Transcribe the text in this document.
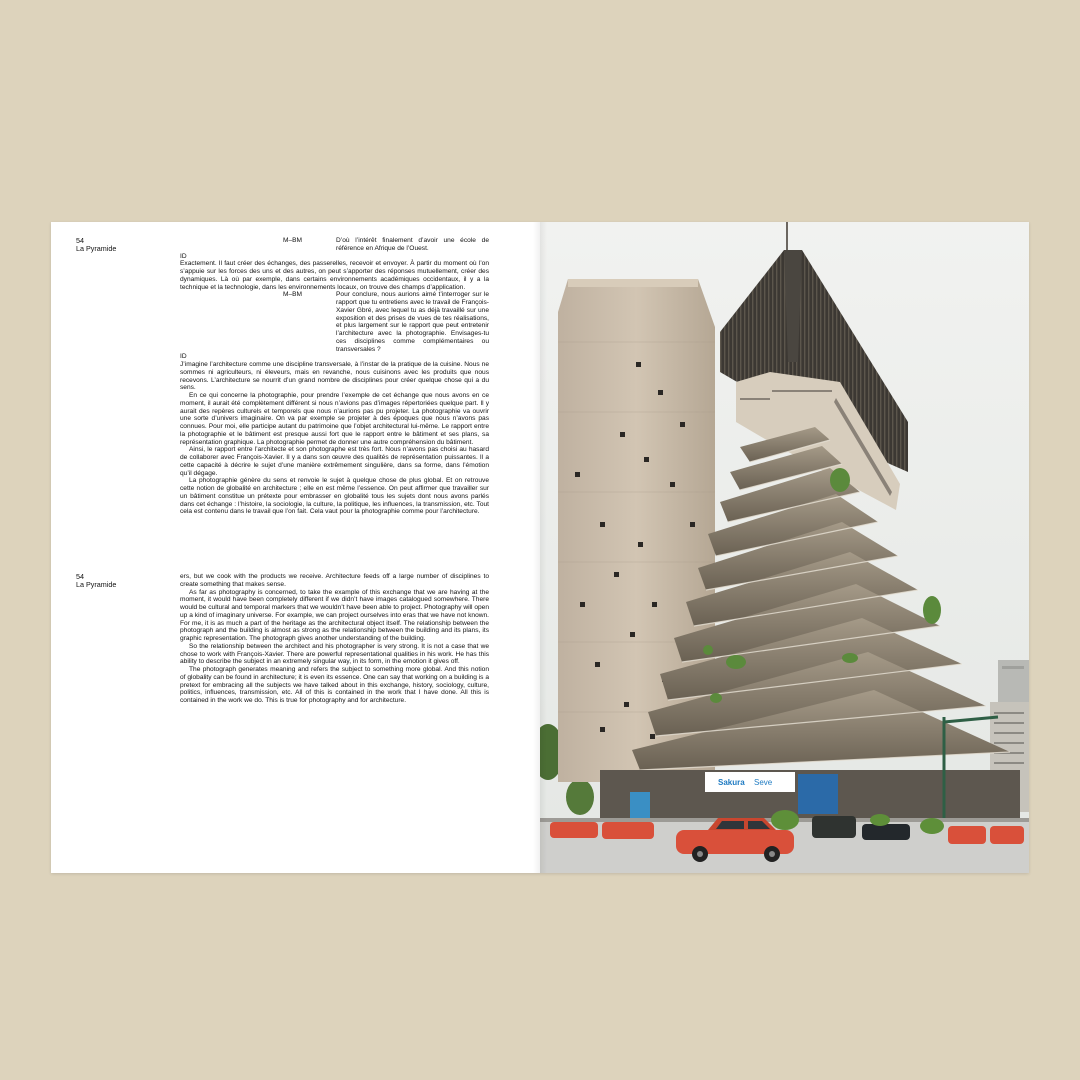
54
La Pyramide
M–BM	D’où l’intérêt finalement d’avoir une école de référence en Afrique de l’Ouest.
ID

Exactement. Il faut créer des échanges, des passerelles, recevoir et envoyer. À partir du moment où l’on s’appuie sur les forces des uns et des autres, on peut s’apporter des réponses mutuellement, créer des dynamiques. Là où par exemple, dans certains environnements académiques occidentaux, il y a la technique et la technologie, dans les environnements locaux, on trouve des champs d’application.

M–BM	Pour conclure, nous aurions aimé t’interroger sur le rapport que tu entretiens avec le travail de François-Xavier Gbré, avec lequel tu as déjà travaillé sur une exposition et des prises de vues de tes réalisations, et plus largement sur le rapport que peut entretenir l’architecture avec la photographie. Envisages-tu ces disciplines comme complémentaires ou transversales ?
ID

J’imagine l’architecture comme une discipline transversale, à l’instar de la pratique de la cuisine. Nous ne sommes ni agriculteurs, ni éleveurs, mais en revanche, nous cuisinons avec les produits que nous recevons. L’architecture se nourrit d’un grand nombre de disciplines pour créer quelque chose qui a du sens.

En ce qui concerne la photographie, pour prendre l’exemple de cet échange que nous avons en ce moment, il aurait été complètement différent si nous n’avions pas d’images répertoriées quelque part. Il y aurait des repères culturels et temporels que nous n’aurions pas pu projeter. La photographie va ouvrir une sorte d’univers imaginaire. On va par exemple se projeter à des époques que nous n’avons pas connues. Pour moi, elle participe autant du patrimoine que l’objet architectural lui-même. Le rapport entre la photographie et le bâtiment est presque aussi fort que le rapport entre le bâtiment et ses plans, sa représentation graphique. La photographie permet de donner une autre compréhension du bâtiment.

Ainsi, le rapport entre l’architecte et son photographe est très fort. Nous n’avons pas choisi au hasard de collaborer avec François-Xavier. Il y a dans son œuvre des qualités de représentation puissantes. Il a cette capacité à décrire le sujet d’une manière extrêmement singulière, dans sa forme, dans l’émotion qu’il dégage.

La photographie génère du sens et renvoie le sujet à quelque chose de plus global. Et on retrouve cette notion de globalité en architecture ; elle en est même l’essence. On peut affirmer que travailler sur un bâtiment constitue un prétexte pour embrasser en globalité tous les sujets dont nous avons parlés dans cet échange : l’histoire, la sociologie, la culture, la politique, les influences, la transmission, etc. Tout cela est contenu dans le travail que l’on fait. Cela vaut pour la photographie comme pour l’architecture.

54
La Pyramide

ers, but we cook with the products we receive. Architecture feeds off a large number of disciplines to create something that makes sense.

As far as photography is concerned, to take the example of this exchange that we are having at the moment, it would have been completely different if we didn’t have images catalogued somewhere. There would be cultural and temporal markers that we wouldn’t have been able to project. Photography will open up a kind of imaginary universe. For example, we can project ourselves into eras that we have not known. For me, it is as much a part of the heritage as the architectural object itself. The relationship between the photograph and the building is almost as strong as the relationship between the building and its plans, its graphic representation. The photograph gives another understanding of the building.

So the relationship between the architect and his photographer is very strong. It is not a case that we chose to work with François-Xavier. There are powerful representational qualities in his work. He has this ability to describe the subject in an extremely singular way, in its form, in the emotion it gives off.

The photograph generates meaning and refers the subject to something more global. And this notion of globality can be found in architecture; it is even its essence. One can say that working on a building is a pretext for embracing all the subjects we have talked about in this exchange, history, sociology, culture, politics, influences, transmission, etc. All of this is contained in the work that I have done. All this is contained in the work we do. This is true for photography and for architecture.

Sakura Seve
